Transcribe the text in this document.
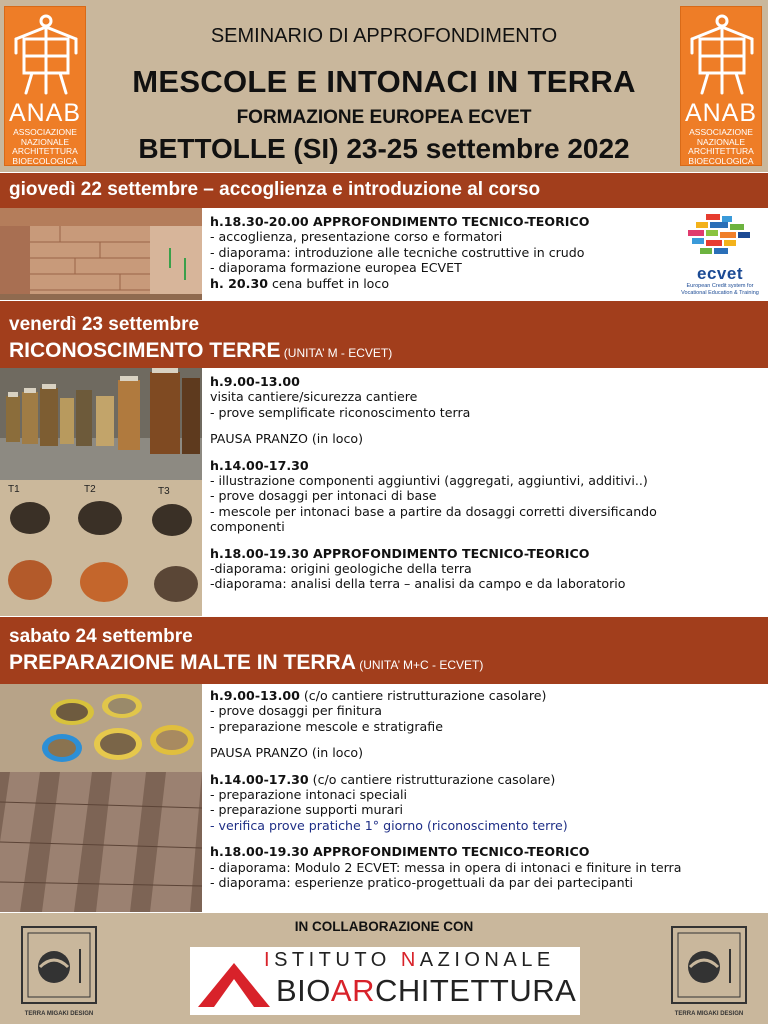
ANAB
ASSOCIAZIONE
NAZIONALE
ARCHITETTURA
BIOECOLOGICA
SEMINARIO DI APPROFONDIMENTO
MESCOLE E INTONACI IN TERRA
FORMAZIONE EUROPEA ECVET
BETTOLLE (SI) 23-25 settembre 2022
ANAB
ASSOCIAZIONE
NAZIONALE
ARCHITETTURA
BIOECOLOGICA
giovedì 22 settembre – accoglienza e introduzione al corso

h.18.30-20.00 APPROFONDIMENTO TECNICO-TEORICO

- accoglienza, presentazione corso e formatori

- diaporama: introduzione alle tecniche costruttive in crudo

- diaporama formazione europea ECVET

h. 20.30 cena buffet in loco

ecvet
European Credit system for
Vocational Education & Training
venerdì 23 settembre
RICONOSCIMENTO TERRE (UNITA’ M - ECVET)
T1	T2	T3

h.9.00-13.00

visita cantiere/sicurezza cantiere

- prove semplificate riconoscimento terra

PAUSA PRANZO (in loco)

h.14.00-17.30

- illustrazione componenti aggiuntivi (aggregati, aggiuntivi, additivi..)

- prove dosaggi per intonaci di base

- mescole per intonaci base a partire da dosaggi corretti diversificando

componenti

h.18.00-19.30 APPROFONDIMENTO TECNICO-TEORICO

-diaporama: origini geologiche della terra

-diaporama: analisi della terra – analisi da campo e da laboratorio

sabato 24 settembre
PREPARAZIONE MALTE IN TERRA (UNITA’ M+C - ECVET)

h.9.00-13.00 (c/o cantiere ristrutturazione casolare)

- prove dosaggi per finitura

- preparazione mescole e stratigrafie

PAUSA PRANZO (in loco)

h.14.00-17.30 (c/o cantiere ristrutturazione casolare)

- preparazione intonaci speciali

- preparazione supporti murari

- verifica prove pratiche 1° giorno (riconoscimento terre)

h.18.00-19.30 APPROFONDIMENTO TECNICO-TEORICO

- diaporama: Modulo 2 ECVET: messa in opera di intonaci e finiture in terra

- diaporama: esperienze pratico-progettuali da par dei partecipanti

TERRA MIGAKI DESIGN
IN COLLABORAZIONE CON
ISTITUTO NAZIONALE
BIOARCHITETTURA
TERRA MIGAKI DESIGN
